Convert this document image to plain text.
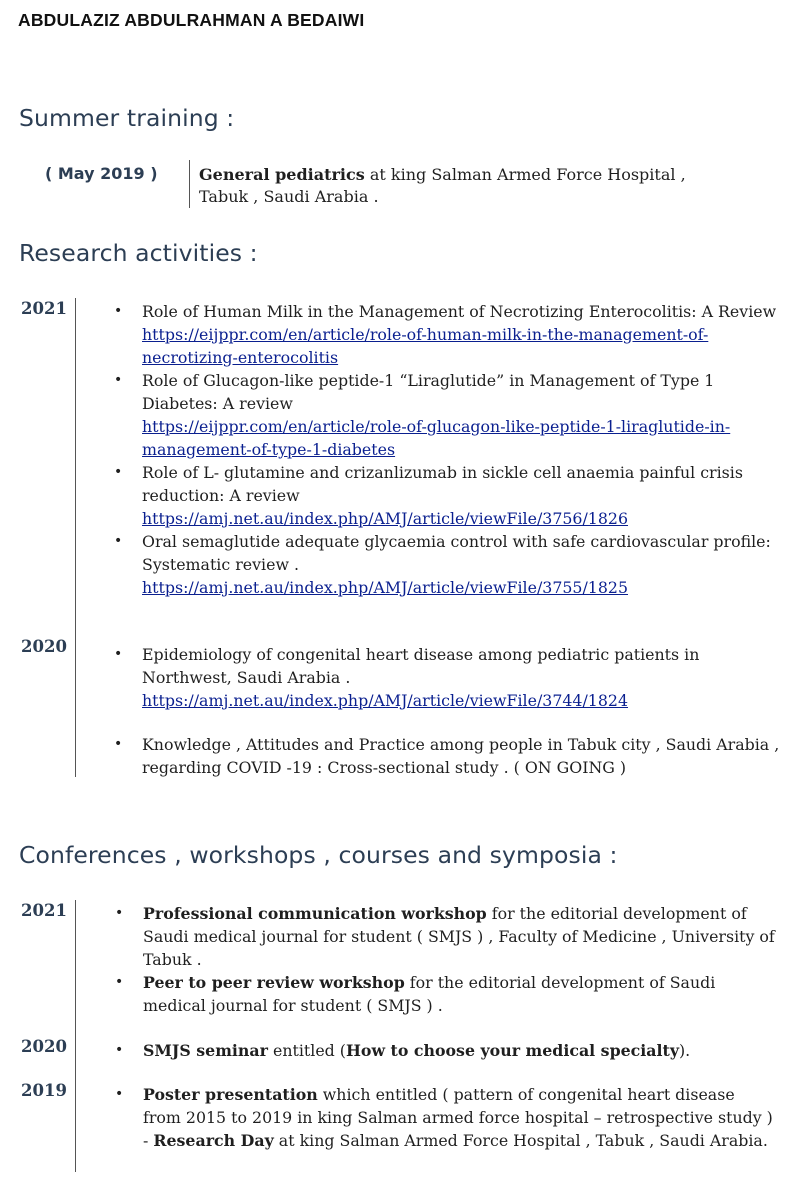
ABDULAZIZ ABDULRAHMAN A BEDAIWI
Summer training :
( May 2019 )	General pediatrics at king Salman Armed Force Hospital ,
Tabuk , Saudi Arabia .
Research activities :
2021
2020
• Role of Human Milk in the Management of Necrotizing Enterocolitis: A Review
https://eijppr.com/en/article/role-of-human-milk-in-the-management-of-
necrotizing-enterocolitis
• Role of Glucagon-like peptide-1 “Liraglutide” in Management of Type 1 Diabetes: A review
https://eijppr.com/en/article/role-of-glucagon-like-peptide-1-liraglutide-in-
management-of-type-1-diabetes
• Role of L- glutamine and crizanlizumab in sickle cell anaemia painful crisis reduction: A review
https://amj.net.au/index.php/AMJ/article/viewFile/3756/1826
• Oral semaglutide adequate glycaemia control with safe cardiovascular profile: Systematic review .
https://amj.net.au/index.php/AMJ/article/viewFile/3755/1825
• Epidemiology of congenital heart disease among pediatric patients in Northwest, Saudi Arabia .
https://amj.net.au/index.php/AMJ/article/viewFile/3744/1824
• Knowledge , Attitudes and Practice among people in Tabuk city , Saudi Arabia , regarding COVID -19 : Cross-sectional study . ( ON GOING )
Conferences , workshops , courses and symposia :
2021
2020
2019
• Professional communication workshop for the editorial development of Saudi medical journal for student ( SMJS ) , Faculty of Medicine , University of Tabuk .
• Peer to peer review workshop for the editorial development of Saudi medical journal for student ( SMJS ) .
• SMJS seminar entitled (How to choose your medical specialty).
• Poster presentation which entitled ( pattern of congenital heart disease from 2015 to 2019 in king Salman armed force hospital – retrospective study ) - Research Day at king Salman Armed Force Hospital , Tabuk , Saudi Arabia.
